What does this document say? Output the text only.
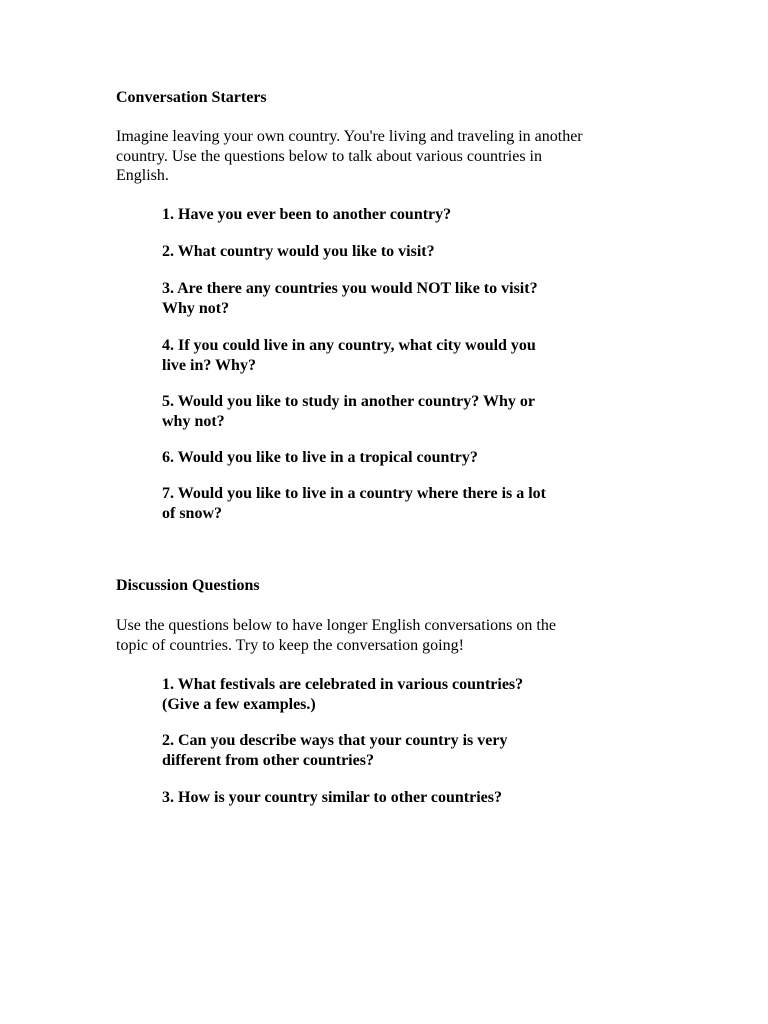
Conversation Starters
Imagine leaving your own country. You're living and traveling in another
country. Use the questions below to talk about various countries in
English.
1. Have you ever been to another country?
2. What country would you like to visit?
3. Are there any countries you would NOT like to visit?
Why not?
4. If you could live in any country, what city would you
live in? Why?
5. Would you like to study in another country? Why or
why not?
6. Would you like to live in a tropical country?
7. Would you like to live in a country where there is a lot
of snow?
Discussion Questions
Use the questions below to have longer English conversations on the
topic of countries. Try to keep the conversation going!
1. What festivals are celebrated in various countries?
(Give a few examples.)
2. Can you describe ways that your country is very
different from other countries?
3. How is your country similar to other countries?
